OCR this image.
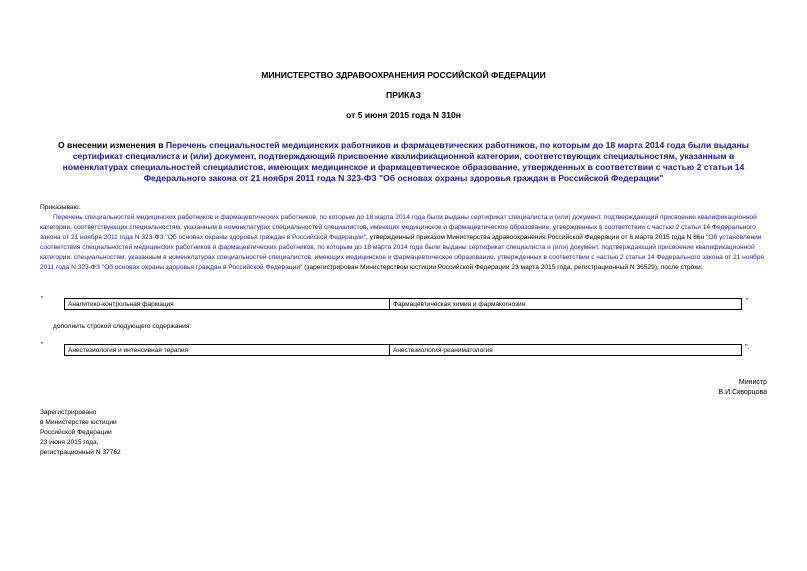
МИНИСТЕРСТВО ЗДРАВООХРАНЕНИЯ РОССИЙСКОЙ ФЕДЕРАЦИИ
ПРИКАЗ
от 5 июня 2015 года N 310н
О внесении изменения в Перечень специальностей медицинских работников и фармацевтических работников, по которым до 18 марта 2014 года были выданы сертификат специалиста и (или) документ, подтверждающий присвоение квалификационной категории, соответствующих специальностям, указанным в номенклатурах специальностей специалистов, имеющих медицинское и фармацевтическое образование, утвержденных в соответствии с частью 2 статьи 14 Федерального закона от 21 ноября 2011 года N 323-ФЗ "Об основах охраны здоровья граждан в Российской Федерации"
Приказываю:
Перечень специальностей медицинских работников и фармацевтических работников, по которым до 18 марта 2014 года были выданы сертификат специалиста и (или) документ, подтверждающий присвоение квалификационной категории, соответствующих специальностям, указанным в номенклатурах специальностей специалистов, имеющих медицинское и фармацевтическое образование, утвержденных в соответствии с частью 2 статьи 14 Федерального закона от 21 ноября 2011 года N 323-ФЗ "Об основах охраны здоровья граждан в Российской Федерации", утвержденный приказом Министерства здравоохранения Российской Федерации от 6 марта 2015 года N 86н "Об установлении соответствия специальностей медицинских работников и фармацевтических работников, по которым до 18 марта 2014 года были выданы сертификат специалиста и (или) документ, подтверждающий присвоение квалификационной категории, специальностям, указанным в номенклатурах специальностей специалистов, имеющих медицинское и фармацевтическое образование, утвержденных в соответствии с частью 2 статьи 14 Федерального закона от 21 ноября 2011 года N 323-ФЗ "Об основах охраны здоровья граждан в Российской Федерации" (зарегистрирован Министерством юстиции Российской Федерации 23 марта 2015 года, регистрационный N 36529), после строки:
"
Аналитико-контрольная фармация	Фармацевтическая химия и фармакогнозия	"
дополнить строкой следующего содержания:
"
Анестезиология и интенсивная терапия	Анестезиология-реаниматология	".
Министр
В.И.Скворцова
Зарегистрировано
в Министерстве юстиции
Российской Федерации
23 июня 2015 года,
регистрационный N 37762
